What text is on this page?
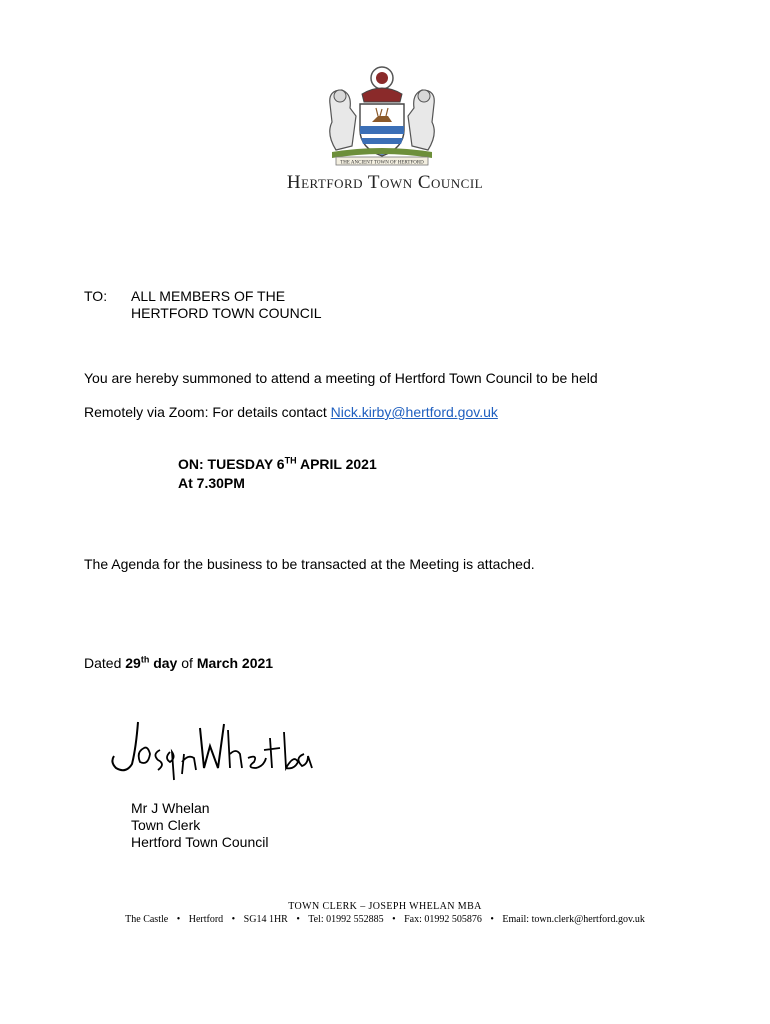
THE ANCIENT TOWN OF HERTFORD
Hertford Town Council
TO: ALL MEMBERS OF THE
HERTFORD TOWN COUNCIL
You are hereby summoned to attend a meeting of Hertford Town Council to be held
Remotely via Zoom: For details contact Nick.kirby@hertford.gov.uk
ON: TUESDAY 6TH APRIL 2021
At 7.30PM
The Agenda for the business to be transacted at the Meeting is attached.
Dated 29th day of March 2021
Mr J Whelan
Town Clerk
Hertford Town Council
TOWN CLERK – JOSEPH WHELAN MBA
The Castle • Hertford • SG14 1HR • Tel: 01992 552885 • Fax: 01992 505876 • Email: town.clerk@hertford.gov.uk
